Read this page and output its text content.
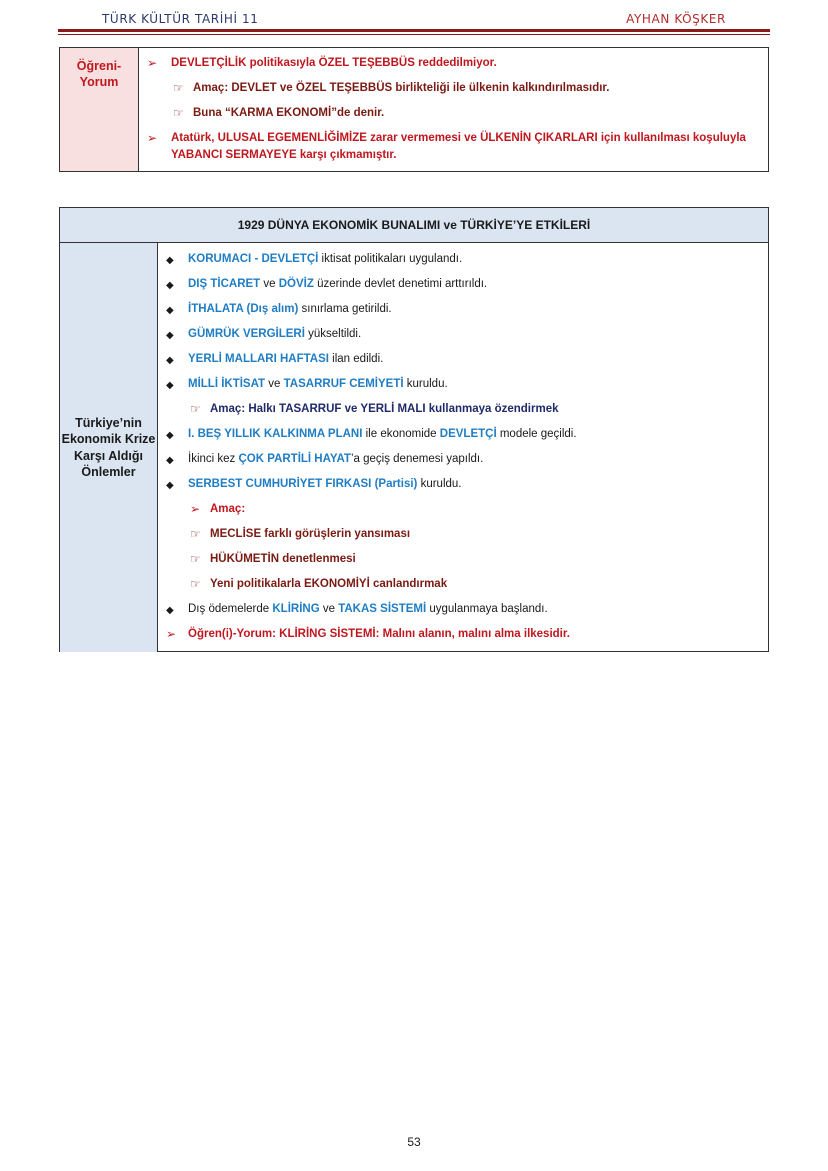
TÜRK KÜLTÜR TARİHİ 11	AYHAN KÖŞKER
Öğreni-Yorum
➢	DEVLETÇİLİK politikasıyla ÖZEL TEŞEBBÜS reddedilmiyor.
☞ Amaç: DEVLET ve ÖZEL TEŞEBBÜS birlikteliği ile ülkenin kalkındırılmasıdır.
☞ Buna “KARMA EKONOMİ”de denir.
➢	Atatürk, ULUSAL EGEMENLİĞİMİZE zarar vermemesi ve ÜLKENİN ÇIKARLARI için kullanılması koşuluyla YABANCI SERMAYEYE karşı çıkmamıştır.
1929 DÜNYA EKONOMİK BUNALIMI ve TÜRKİYE’YE ETKİLERİ
Türkiye’nin Ekonomik Krize Karşı Aldığı Önlemler
◆	KORUMACI - DEVLETÇİ iktisat politikaları uygulandı.
◆	DIŞ TİCARET ve DÖVİZ üzerinde devlet denetimi arttırıldı.
◆	İTHALATA (Dış alım) sınırlama getirildi.
◆	GÜMRÜK VERGİLERİ yükseltildi.
◆	YERLİ MALLARI HAFTASI ilan edildi.
◆	MİLLİ İKTİSAT ve TASARRUF CEMİYETİ kuruldu.
☞ Amaç: Halkı TASARRUF ve YERLİ MALI kullanmaya özendirmek
◆	I. BEŞ YILLIK KALKINMA PLANI ile ekonomide DEVLETÇİ modele geçildi.
◆	İkinci kez ÇOK PARTİLİ HAYAT’a geçiş denemesi yapıldı.
◆	SERBEST CUMHURİYET FIRKASI (Partisi) kuruldu.
➢ Amaç:
☞ MECLİSE farklı görüşlerin yansıması
☞ HÜKÜMETİN denetlenmesi
☞ Yeni politikalarla EKONOMİYİ canlandırmak
◆	Dış ödemelerde KLİRİNG ve TAKAS SİSTEMİ uygulanmaya başlandı.
➢	Öğren(i)-Yorum: KLİRİNG SİSTEMİ: Malını alanın, malını alma ilkesidir.
53
